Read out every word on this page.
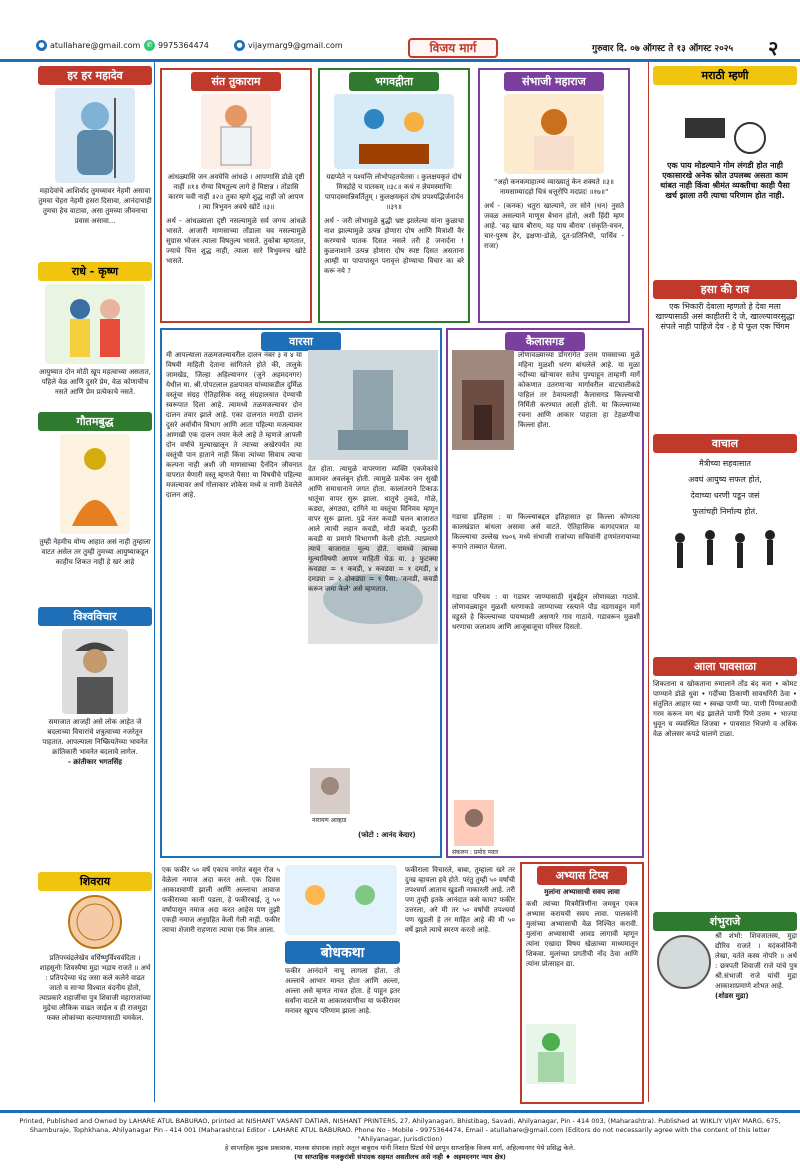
● atullahare@gmail.com ✆ 9975364474	● vijaymarg9@gmail.com	विजय मार्ग	गुरुवार दि. ०७ ऑगस्ट ते १३ ऑगस्ट २०२५ २
हर हर महादेव
महादेवांचे आशिर्वाद तुमच्यावर नेहमी असावा तुमचा चेहरा नेहमी हसरा दिसावा, आनंदाचाही तुमचा हेच वाटावा, असा तुमच्या जीवनाचा प्रवास असावा...
राधे - कृष्ण
आयुष्यात दोन मोठी खूप महत्वाच्या असतात, पहिले वेळ आणि दुसरे प्रेम, वेळ कोणाचीच नसते आणि प्रेम प्रत्येकाचे नसते.
गौतमबुद्ध
तुम्ही नेहमीच योग्य आहात असं नाही तुम्हाला वाटत असेल तर तुम्ही तुमच्या आयुष्याकडून काहीच शिकत नाही हे खरं आहे
विश्वविचार
समाजात आजही असे लोक आहेत जे बदलाच्या विचारांचे शत्रुत्वाच्या नजरेतून पाहतात. आपल्याला निष्क्रियतेच्या भावनेत क्रांतिकारी भावनेत बदलावे लागेल.
- क्रांतीकार भगतसिंह
शिवराय
प्रतिपच्चंद्रलेखेव वर्धिष्णुर्विश्ववंदिता । शाहसूनोः शिवस्यैषा मुद्रा भद्राय राजते ॥ अर्थ : प्रतिपदेच्या चंद्र जसा कले कलेने वाढत जातो व साऱ्या विश्वात वंदनीय होतो, त्याप्रकारे शहाजींचा पुत्र शिवाजी महाराजांच्या मुद्रेचा लौकिक वाढत जाईल व ही राजमुद्रा फक्त लोकांच्या कल्याणासाठी चमकेल.
संत तुकाराम
आंधळ्यासि जन अवघेचि आंधळे । आपणासि डोळे दृष्टी नाहीं ॥१॥ रोग्या विषतुल्य लागे हे मिष्टान्न । तोंडासि कारण चवी नाहीं ॥२॥ तुका म्हणे शुद्ध नाहीं जो आपण । त्या त्रिभुवन अवघे खोटें ॥३॥
अर्थ - आंधळ्याला दृष्टी नसल्यामुळे सर्व जगच आंधळे भासते. आजारी माणसाच्या तोंडाला चव नसल्यामुळे सुग्रास भोजन त्याला विषतुल्य भासते. तुकोबा म्हणतात, ज्याचे चित्त शुद्ध नाही, त्याला सारे त्रिभुवनच खोटे भासते.
भगवद्गीता
यद्यप्येते न पश्यन्ति लोभोपहतचेतसः । कुलक्षयकृतं दोषं मित्रद्रोहे च पातकम् ॥३८॥ कथं न ज्ञेयमस्माभिः पापादस्मान्निवर्तितुम् । कुलक्षयकृतं दोषं प्रपश्यद्भिर्जनार्दन ॥३९॥
अर्थ - जरी लोभामुळे बुद्धी भ्रष्ट झालेल्या यांना कुळाचा नाश झाल्यामुळे उत्पन्न होणारा दोष आणि मित्रांशी वैर करण्याचे पातक दिसत नसले तरी हे जनार्दना ! कुळनाशाने उत्पन्न होणारा दोष स्पष्ट दिसत असताना आम्ही या पापापासून परावृत्त होण्याचा विचार का बरे करू नये ?
संभाजी महाराज
"अहो कनकमाहात्म्यं व्याख्यातुं केन शक्यते ॥३॥ नामसाम्यादहो चित्रं धत्तूरोपि मदप्रदः ॥१७॥"
अर्थ - (कनक) धतुरा खाल्याने, तर सोने (धन) नुसते जवळ असल्याने माणूस बेभान होतो, अशी हिंदी म्हण आहे. 'वह खाय बौराय, यह पाय बौराय' (संकृति-वचन, चार-पुरुष हेर, इक्षणा-डोळे, दूत-प्रतिनिधी, पार्थिव - राजा)
वारसा
मी आपल्याला तळमजल्यावरील दालन नंबर ३ व ४ या विषयी माहिती देताना सांगितले होते की, तालुके जामखेड, जिल्हा अहिल्यानगर (जुने अहमदनगर) येथील मा. श्री.पोपटलाल हळपावत यांच्याकडील दुर्मिळ वस्तूंचा संग्रह ऐतिहासिक वस्तू संग्रहालयात देण्याची स्वरूपात दिला आहे. त्यामध्ये तळमजल्यावर दोन दालन तयार झाले आहे. एका दालनात मराठी दालन दुसरे अर्वाचीन विभाग आणि आता पहिल्या मजल्यावर आणखी एक दालन तयार केले आहे ते म्हणजे आपली दोन वर्षांचे मुल्याखालून ते त्याच्या अखेरपर्यंत त्या वस्तूंची पान हाताने नाही किंवा त्यांच्या सिवाय त्याचा कल्पना नाही अशी जी माणसाच्या दैनंदिन जीवनात वापरात येणारी वस्तू म्हणजे पैसा! या विषयीचे पहिल्या मजल्यावर अर्थ गोलाकार शोकेस मध्ये व नाणी ठेवलेले दालन आहे.
देत होता. त्यामुळे वापरणारा व्यक्ति एकमेकांचे कामावर अवलंबून होती. त्यामुळे प्रत्येक जन सुखी आणि समाधानाने जगत होता. कालांतराने टिकाऊ धातूंचा वापर सुरू झाला. धातूचे तुकडे, गोळे, कड्या, अंगठ्या, दागिने या वस्तूंचा विनिमय म्हणून वापर सुरू झाला. पुढे नंतर कवडी चलन बाजारात आले त्याची लहान कवडी, मोठी कवडी, फुटकी कवडी या प्रमाणे विभागणी केली होती. त्याप्रमाणे त्याचे बाजारात मूल्य होते. यामध्ये त्याच्या मूल्याविषयी आपण माहिती घेऊ या. ३ फुटक्या कवड्या = १ कवडी, ४ कवड्या = १ दमडी, ४ दमड्या = २ दोकड्या = १ पैसा. 'कवडी, कवडी करून जमा केले' असे म्हणतात.
नारायण आव्हाड
(फोटो : आनंद केदार)
कैलासगड
लोणावळ्याच्या डोंगरांगेत उत्तम पावसाच्या मुळे महिना मुळशी धरण बांधलेले आहे. या मुळा नदीच्या खोऱ्यावर सतेच पुण्याहून ताम्हणी मार्गे कोकणात उतरणाऱ्या मार्गावरील वाटचालीकडे पाहिलं तर ठेवायलाही कैलासगड किल्ल्याची निर्मिती करण्यात आली होती. या किल्ल्याच्या रचना आणि आकार पाहाता हा टेहळणीचा किल्ला होता.
गडाचा इतिहास : या किल्ल्याबद्दल इतिहासात हा किल्ला कोणत्या कालखंडात बांधला असावा असे वाटते. ऐतिहासिक कागदपत्रात या किल्ल्याचा उल्लेख १७०६ मध्ये संभाजी राजांच्या सचिवांनी हणमंतरायाच्या रूपाने ताब्यात घेतला.
गडाचा परिचय : या गडावर जाण्यासाठी मुंबईहून लोणावळा गाठावे. लोणावळ्याहून मुळशी धरणाकडे जाण्याच्या रस्त्याने पौड वडगावहून मार्गे वडुस्ते हे किल्ल्याच्या पायथ्याशी असणारे गाव गाठावे. गडावरून मुळशी धरणाचा जलाशय आणि आजूबाजूचा परिसर दिसतो.
संकलन : प्रमोद पवार
मराठी म्हणी
एक पाय मोडल्याने गोम लंगडी होत नाही एकासारखे अनेक स्रोत उपलब्ध असता काम थांबत नाही किंवा श्रीमंत व्यक्तीचा काही पैसा खर्च झाला तरी त्याचा परिणाम होत नाही.
हसा की राव
एक भिकारी देवाला म्हणतो हे देवा मला खाण्यासाठी असं काहीतरी दे जे, खाल्ल्यावरसुद्धा संपले नाही पाहिजे देव - हे घे फूल एक चिंगम
वाचाल
मैत्रीच्या सहवासात
अवघं आयुष्य सफल होतं,
देवाच्या धरणी पडून जसं
फुलांचही निर्माल्य होतं.
आला पावसाळा
शिकताना व खोकताना रुमालाने तोंड बंद करा • कोमट पाण्याने डोळे धुवा • गर्दीच्या ठिकाणी सावधगिरी ठेवा • संतुलित आहार घ्या • स्वच्छ पाणी प्या. पाणी पिण्याआधी गरम करून मग थंड झालेले पाणी पिणे उत्तम • भाज्या धुवून च व्यवस्थित शिजवा • पावसात भिजणे व अधिक वेळ ओलसर कपडे घालणे टाळा.
शंभुराजे
श्री शंभो: शिवजातस्य, मुद्रा द्यौरिव राजते । यदंकसेविनी लेखा, वर्तते कस्य नोपरि ॥ अर्थ : छत्रपती शिवाजी राजे यांचे पुत्र श्री.संभाजी राजे यांची मुद्रा आकाशाप्रमाणे शोभत आहे.
(शोडस मुद्रा)
एक फकीर ५० वर्षे एकाच नगरेत बसून रोज ५ वेळेला नमाज अदा करत असे. एक दिवस आकाशवाणी झाली आणि अल्लाचा आवाज फकीराच्या कानी पडला, हे फकीरबाई, तू ५० वर्षापासून नमाज अदा करत आहेस पण तुझी एकही नमाज अनुग्रहित केली गेली नाही. फकीर त्याचा शेजारी राहणारा त्याचा एक मित्र आला.
बोधकथा
फकीर आनंदाने नाचू लागला होता. तो अल्लाचे आभार मानत होता आणि अल्ला, अल्ला असे म्हणत नाचत होता. हे पाहून इतर सर्वांना वाटले या आकाशवाणीचा या फकीरावर मनावर खूपच परिणाम झाला आहे.
फकीराला विचारले, बाबा, तुम्हाला खरे तर दुःख व्हायला हवे होते. परंतु तुम्ही ५० वर्षांची तपश्चर्या आताच खुडली नाकारली आहे. तरी पण तुम्ही इतके आनंदात कसे काय? फकीर उत्तरला, अरे मी तर ५० वर्षांची तपश्चर्या पण खुडली हे तर माहित आहे की मी ५० वर्षे झाले त्याचे स्मरण करतो आहे.
अभ्यास टिप्स
मुलांना अभ्यासाची सवय लावा
कधी त्यांच्या मित्रमैत्रिणींना जमवून एकत्र अभ्यास करायची सवय लावा. पालकांनी मुलांच्या अभ्यासाची वेळ निश्चित करावी. मुलांना अभ्यासाची आवड लागावी म्हणून त्यांना एखादा विषय खेळाच्या माध्यमातून शिकवा. मुलांच्या प्रगतीची नोंद ठेवा आणि त्यांना प्रोत्साहन द्या.
Printed, Published and Owned by LAHARE ATUL BABURAO, printed at NISHANT VASANT DATIAR, NISHANT PRINTERS, 27, Ahilyanagari, Bhistibag, Savadi, Ahilyanagar, Pin - 414 003, (Maharashtra). Published at WIKLIY VIJAY MARG, 675, Shamburaje, Tophkhana, Ahilyanagar Pin - 414 001 (Maharashtra) Editor - LAHARE ATUL BABURAO. Phone No - Mobile - 9975364474, Email - atullahare@gmail.com (Editors do not necessarily agree with the content of this letter "Ahilyanagar, Jurisdiction)
हे साप्ताहिक मुद्रक प्रकाशक, मालक संपादक लहारे अतुल बाबुराव यांनी निशांत प्रिंटर्स येथे छापून साप्ताहिक विजय मार्ग, अहिल्यानगर येथे प्रसिद्ध केले.
(या साप्ताहिक मजकुरांशी संपादक सहमत असतीलच असे नाही ♦ अहमदनगर न्याय क्षेत्र)
